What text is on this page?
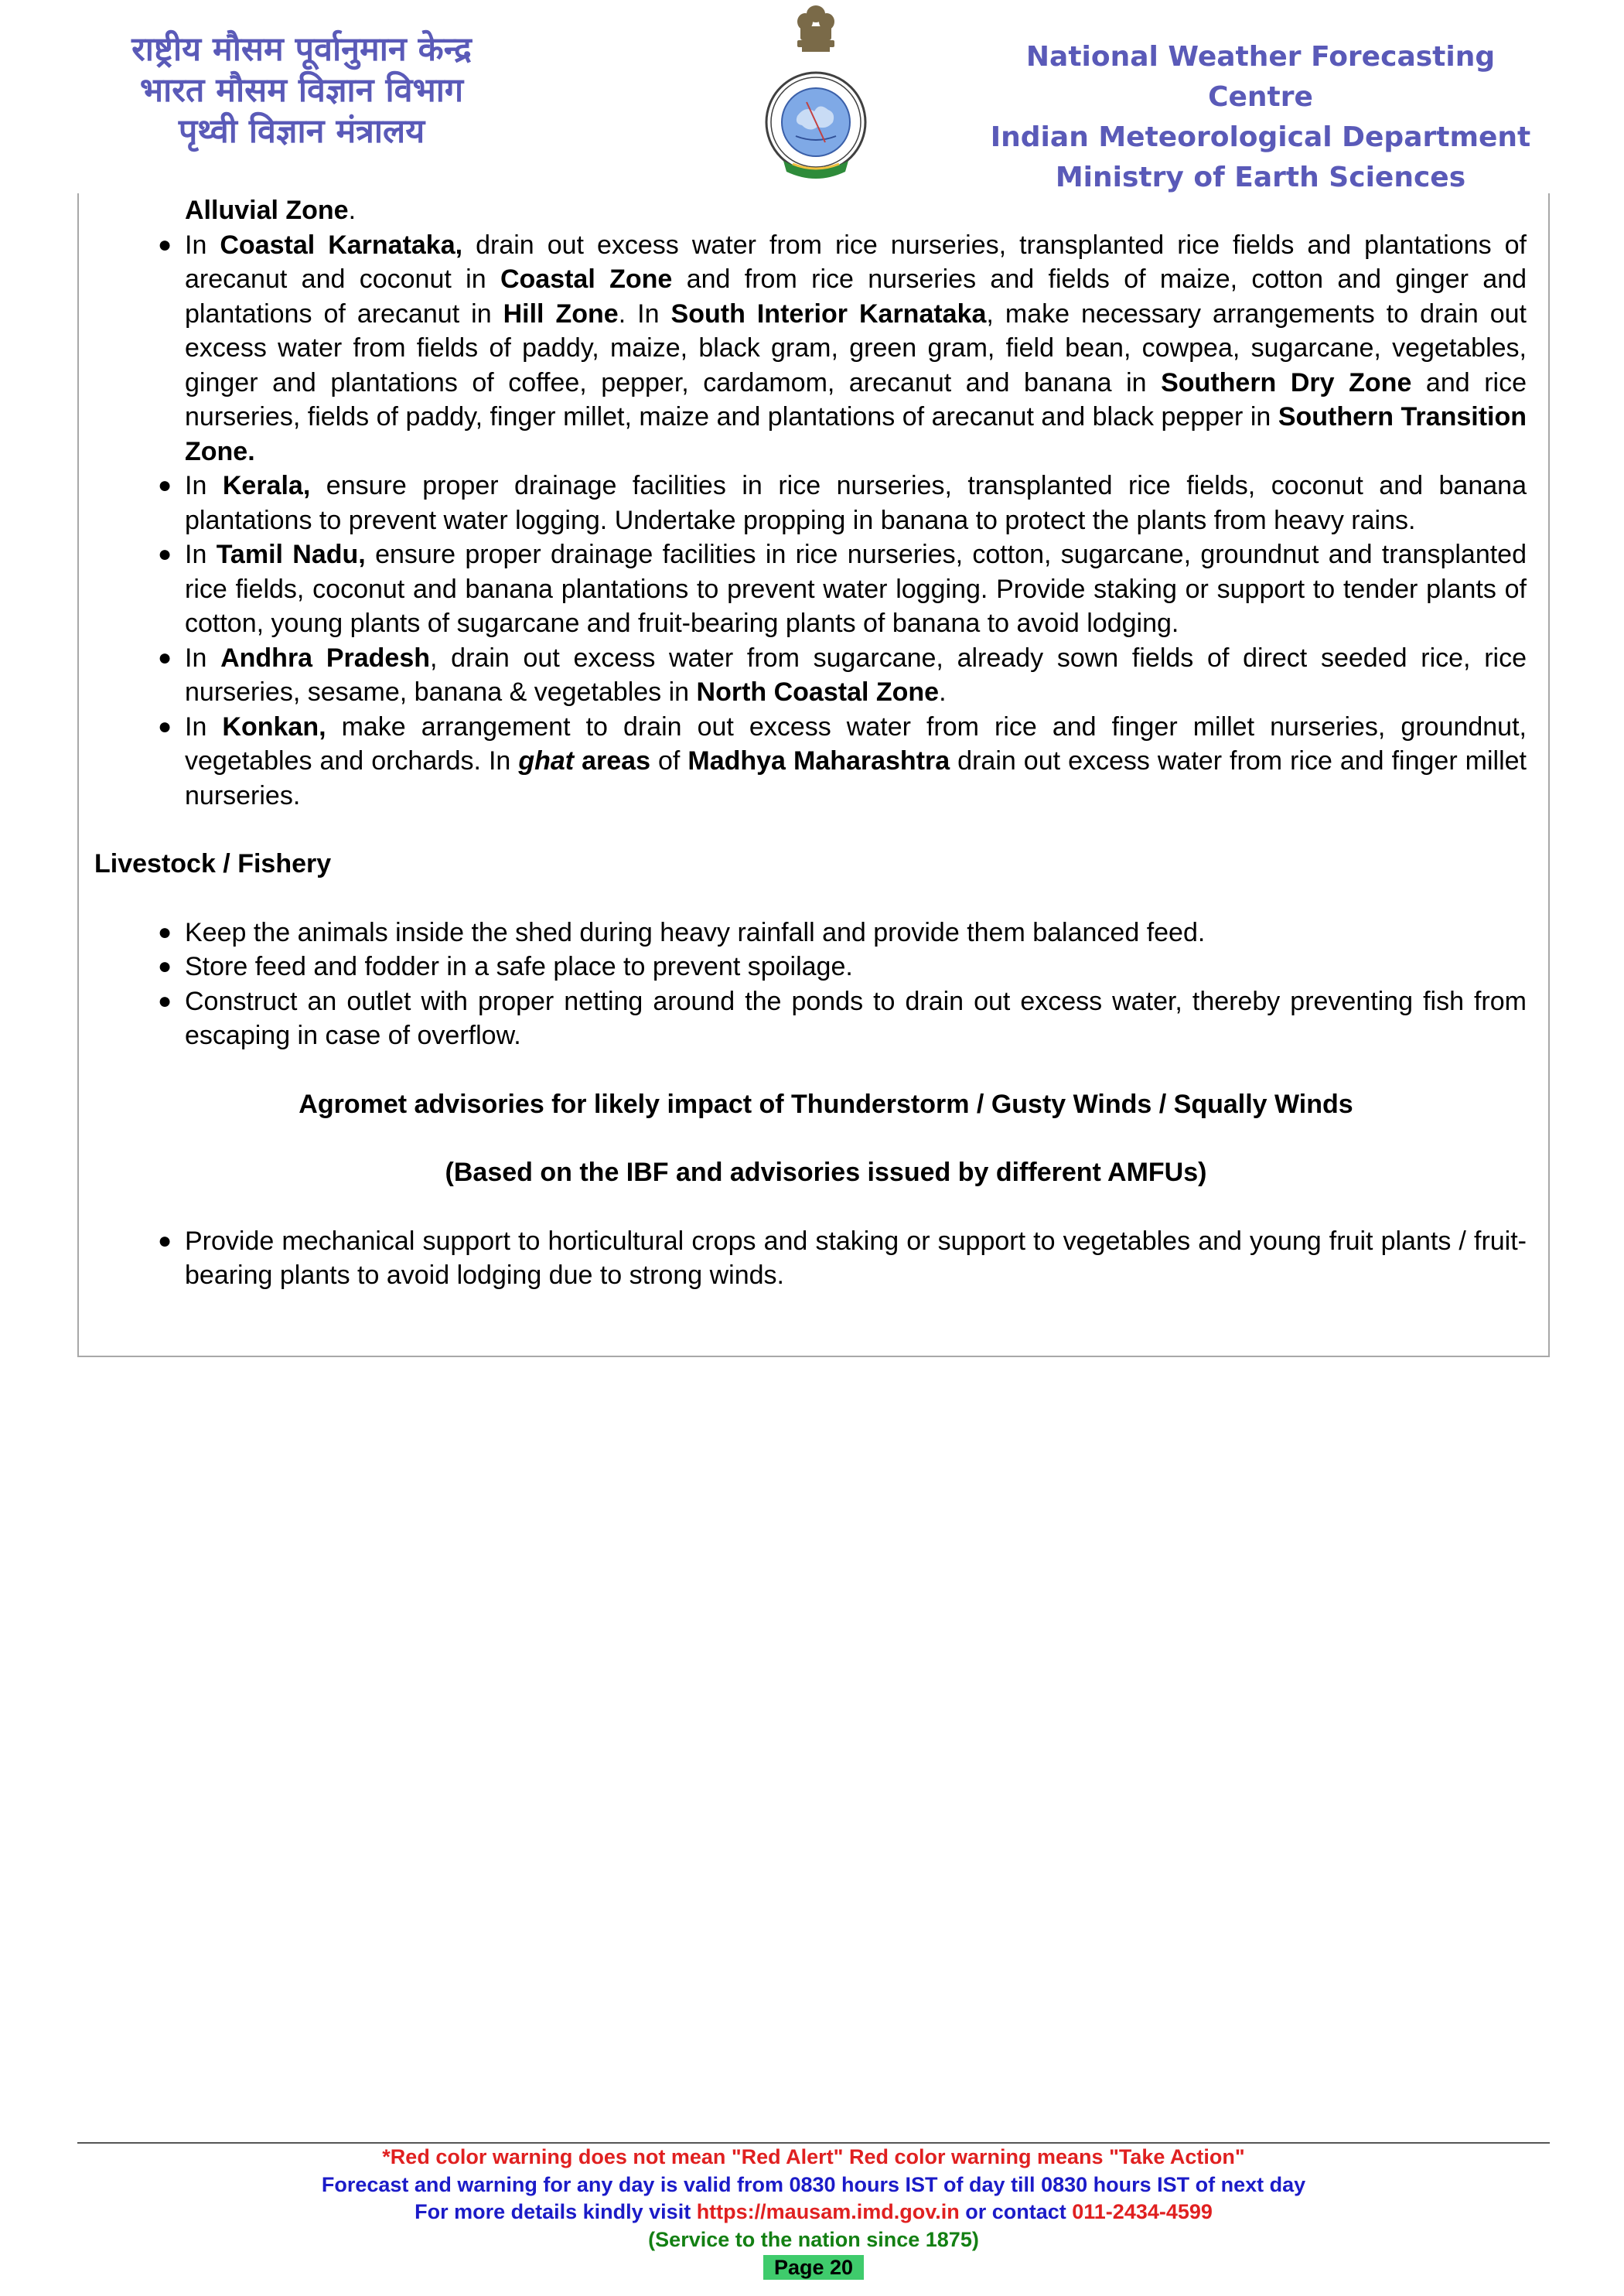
राष्ट्रीय मौसम पूर्वानुमान केन्द्र
भारत मौसम विज्ञान विभाग
पृथ्वी विज्ञान मंत्रालय
National Weather Forecasting Centre
Indian Meteorological Department
Ministry of Earth Sciences
Alluvial Zone.
● In Coastal Karnataka, drain out excess water from rice nurseries, transplanted rice fields and plantations of arecanut and coconut in Coastal Zone and from rice nurseries and fields of maize, cotton and ginger and plantations of arecanut in Hill Zone. In South Interior Karnataka, make necessary arrangements to drain out excess water from fields of paddy, maize, black gram, green gram, field bean, cowpea, sugarcane, vegetables, ginger and plantations of coffee, pepper, cardamom, arecanut and banana in Southern Dry Zone and rice nurseries, fields of paddy, finger millet, maize and plantations of arecanut and black pepper in Southern Transition Zone.
● In Kerala, ensure proper drainage facilities in rice nurseries, transplanted rice fields, coconut and banana plantations to prevent water logging. Undertake propping in banana to protect the plants from heavy rains.
● In Tamil Nadu, ensure proper drainage facilities in rice nurseries, cotton, sugarcane, groundnut and transplanted rice fields, coconut and banana plantations to prevent water logging. Provide staking or support to tender plants of cotton, young plants of sugarcane and fruit-bearing plants of banana to avoid lodging.
● In Andhra Pradesh, drain out excess water from sugarcane, already sown fields of direct seeded rice, rice nurseries, sesame, banana & vegetables in North Coastal Zone.
● In Konkan, make arrangement to drain out excess water from rice and finger millet nurseries, groundnut, vegetables and orchards. In ghat areas of Madhya Maharashtra drain out excess water from rice and finger millet nurseries.
Livestock / Fishery
● Keep the animals inside the shed during heavy rainfall and provide them balanced feed.
● Store feed and fodder in a safe place to prevent spoilage.
● Construct an outlet with proper netting around the ponds to drain out excess water, thereby preventing fish from escaping in case of overflow.
Agromet advisories for likely impact of Thunderstorm / Gusty Winds / Squally Winds
(Based on the IBF and advisories issued by different AMFUs)
● Provide mechanical support to horticultural crops and staking or support to vegetables and young fruit plants / fruit-bearing plants to avoid lodging due to strong winds.
*Red color warning does not mean "Red Alert" Red color warning means "Take Action"
Forecast and warning for any day is valid from 0830 hours IST of day till 0830 hours IST of next day
For more details kindly visit https://mausam.imd.gov.in or contact 011-2434-4599
(Service to the nation since 1875)
Page 20
